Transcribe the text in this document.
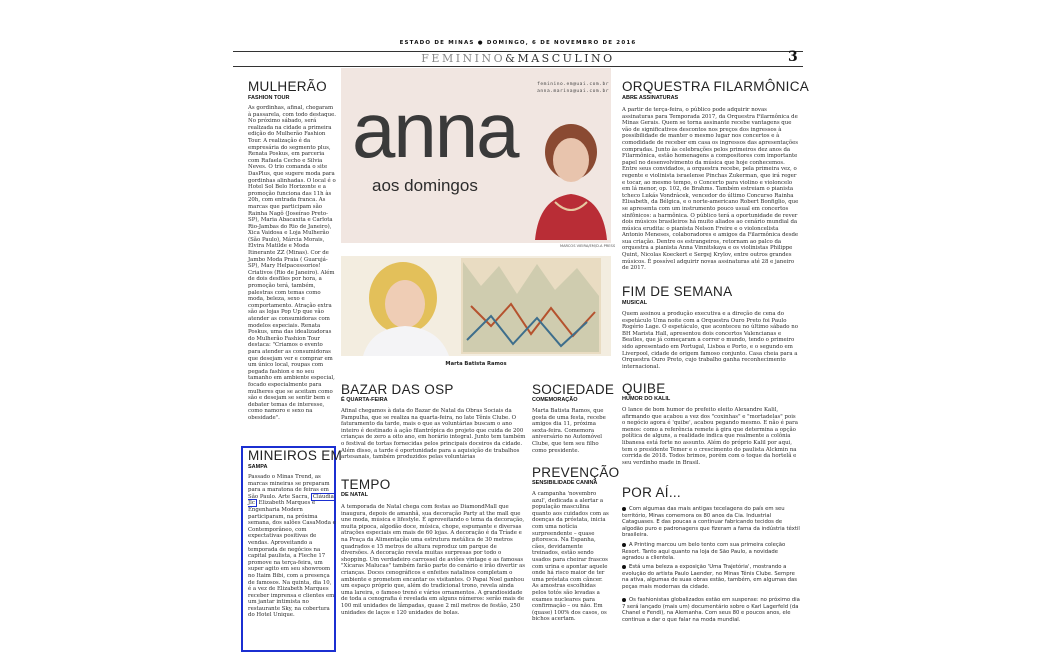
ESTADO DE MINAS ● DOMINGO, 6 DE NOVEMBRO DE 2016
FEMININO&MASCULINO	3
MULHERÃO
FASHION TOUR
As gordinhas, afinal, chegaram à passarela, com todo destaque. No próximo sábado, será realizada na cidade a primeira edição do Mulherão Fashion Tour. A realização é da empresária do segmento plus, Renata Poskus, em parceria com Rafaela Cecho e Silvia Neves. O trio comanda o site DasPlus, que sugere moda para gordinhas alinhadas. O local é o Hotel Sol Belo Horizonte e a promoção funciona das 11h às 20h, com entrada franca. As marcas que participam são Rainha Nagô (Joseírao Preto-SP), Maria Abacaxita e Carlota Rio-Jambas do Rio de Janeiro), Xica Vaidosa e Loja Mulherão (São Paulo), Márcia Morais, Elvira Matilde e Moda Itinerante ZZ (Minas). Cor de Jambo Moda Praia ( Guarujá-SP), Mary Helpacessorios! Criativos (Rio de Janeiro). Além de dois desfiles por hora, a promoção terá, também, palestras com temas como moda, beleza, sexo e comportamento. Atração extra são as lojas Pop Up que vão atender as consumidoras com modelos especiais. Renata Poskus, uma das idealizadoras do Mulherão Fashion Tour destaca: "Criamos o evento para atender as consumidoras que desejam ver e comprar em um único local, roupas com pegada fashion e no seu tamanho em ambiente especial, focado especialmente para mulheres que se aceitam como são e desejam se sentir bem e debater temas de interesse, como namoro e sexo na obesidade".
MINEIROS EM
SAMPA
Passado o Minas Trend, as marcas mineiras se preparam para a maratona de feiras em São Paulo. Arte Sacra, Cláudia Jlc Elizabeth Marques e Engenharia Modern participaram, na próxima semana, dos salões CasaModa e Contemporâneo, com expectativas positivas de vendas. Aproveitando a temporada de negócios na capital paulista, a Fleche 17 promove na terça-feira, um super agito em seu showroom no Itaim Bibi, com a presença de famosos. Na quinta, dia 10, é a vez de Elizabeth Marques receber imprensa e clientes em um jantar intimista no restaurante Sky, na cobertura do Hotel Unique.
anna
aos domingos
feminino.em@uai.com.br
anna.marina@uai.com.br
MARCOS VIEIRA/EM/D.A PRESS
Marta Batista Ramos
BAZAR DAS OSP
É QUARTA-FEIRA
Afinal chegamos à data do Bazar de Natal da Obras Sociais da Pampulha, que se realiza na quarta-feira, no late Tênis Clube. O faturamento da tarde, mais o que as voluntárias buscam o ano inteiro é destinado à ação filantrópica do projeto que cuida de 200 crianças de zero a oito ano, em horário integral. Junto tem também o festival de tortas fornecidas pelos principais doceiros da cidade. Além disso, a tarde é oportunidade para a aquisição de trabalhos artesanais, também produzidos pelas voluntárias
TEMPO
DE NATAL
A temporada de Natal chega com festas ao DiamondMall que inaugura, depois de amanhã, sua decoração Party at the mall que une moda, música e lifestyle. É aproveitando o tema da decoração, muita pipoca, algodão doce, música, chope, espumante e diversas atrações especiais em mais de 60 lojas. A decoração é da Tríade e na Praça da Alimentação uma estrutura metálica de 30 metros quadrados e 15 metros de altura reproduz um parque de diversões. A decoração revela muitas surpresas por todo o shopping. Um verdadeiro carrossel de aviões vintage e as famosas "Xícaras Malucas" também farão parte do cenário e irão divertir as crianças. Doces cenográficos e enfeites natalinos completam o ambiente e prometem encantar os visitantes. O Papai Noel ganhou um espaço próprio que, além do tradicional trono, revela ainda uma lareira, o famoso trenó e vários ornamentos. A grandiosidade de toda a cenografia é revelada em alguns números: serão mais de 100 mil unidades de lâmpadas, quase 2 mil metros de festão, 250 unidades de laços e 120 unidades de bolas.
SOCIEDADE
COMEMORAÇÃO
Marta Batista Ramos, que gosta de uma festa, recebe amigos dia 11, próxima sexta-feira. Comemora aniversário no Automóvel Clube, que tem seu filho como presidente.
PREVENÇÃO
SENSIBILIDADE CANINA
A campanha 'novembro azul', dedicada a alertar a população masculina quanto aos cuidados com as doenças da próstata, inicia com uma notícia surpreendente – quase pitoresca. Na Espanha, cães, devidamente treinados, estão sendo usados para cheirar frascos com urina e apontar aquele onde há risco maior de ter uma próstata com câncer. As amostras escolhidas pelos totós são levadas a exames nucleares para confirmação – ou não. Em (quase) 100% dos casos, os bichos acertam.
ORQUESTRA FILARMÔNICA
ABRE ASSINATURAS
A partir de terça-feira, o público pode adquirir novas assinaturas para Temporada 2017, da Orquestra Filarmônica de Minas Gerais. Quem se torna assinante recebe vantagens que vão de significativos descontos nos preços dos ingressos à possibilidade de manter o mesmo lugar nos concertos e à comodidade de receber em casa os ingressos das apresentações compradas. Junto às celebrações pelos primeiros dez anos da Filarmônica, estão homenagens a compositores com importante papel no desenvolvimento da música que hoje conhecemos. Entre seus convidados, a orquestra recebe, pela primeira vez, o regente e violinista israelense Pinchas Zukerman, que irá reger e tocar, ao mesmo tempo, o Concerto para violino e violoncelo em lá menor, op. 102, de Brahms. Também estreiam o pianista tcheco Lukás Vondrácek, vencedor do último Concurso Rainha Elisabeth, da Bélgica, e o norte-americano Robert Bonfiglio, que se apresenta com um instrumento pouco usual em concertos sinfônicos: a harmônica. O público terá a oportunidade de rever dois músicos brasileiros há muito aliados ao cenário mundial da música erudita: o pianista Nelson Freire e o violoncelista Antonio Meneses, colaboradores e amigos da Filarmônica desde sua criação. Dentre os estrangeiros, retornam ao palco da orquestra a pianista Anna Vinnitskaya e os violinistas Philippe Quint, Nicolas Koeckert e Sergej Krylov, entre outros grandes músicos. É possível adquirir novas assinaturas até 28 e janeiro de 2017.
FIM DE SEMANA
MUSICAL
Quem assinou a produção executiva e a direção de cena do espetáculo Uma noite com a Orquestra Ouro Preto foi Paulo Rogério Lage. O espetáculo, que aconteceu no último sábado no BH Marista Hall, apresentou dois concertos Valencianas e Beatles, que já começaram a correr o mundo, tendo o primeiro sido apresentado em Portugal, Lisboa e Porto, e o segundo em Liverpool, cidade de origem famoso conjunto. Casa cheia para a Orquestra Ouro Preto, cujo trabalho ganha reconhecimento internacional.
QUIBE
HUMOR DO KALIL
O lance de bom humor do prefeito eleito Alexandre Kalil, afirmando que acabou a vez dos "coxinhas" e "mortadelas" pois o negócio agora é 'quibe', acabou pegando mesmo. E não é para menos: como a referência remete à gira que determina a opção política de alguns, a realidade indica que realmente a colônia libanesa está forte no assunto. Além do próprio Kalil por aqui, tem o presidente Temer e o crescimento do paulista Alckmin na corrida de 2018. Todos brimos, porém com o toque da hortelã e seu verdinho made in Brasil.
POR AÍ...
Com algumas das mais antigas tecelagens do país em seu território, Minas comemora os 80 anos da Cia. Industrial Cataguases. E das poucas a continuar fabricando tecidos de algodão puro e padronagens que fizeram a fama da indústria têxtil brasileira.
A Printing marcou um belo tento com sua primeira coleção Resort. Tanto aqui quanto na loja de São Paulo, a novidade agradou a clientela.
Está uma beleza a exposição 'Uma Trajetória', mostrando a evolução do artista Paulo Laender, no Minas Tênis Clube. Sempre na ativa, algumas de suas obras estão, também, em algumas das peças mais modernas da cidade.
Os fashionistas globalizados estão em suspense: no próximo dia 7 será lançado (mais um) documentário sobre o Karl Lagerfeld (da Chanel e Fendi), na Alemanha. Com seus 80 e poucos anos, ele continua a dar o que falar na moda mundial.
